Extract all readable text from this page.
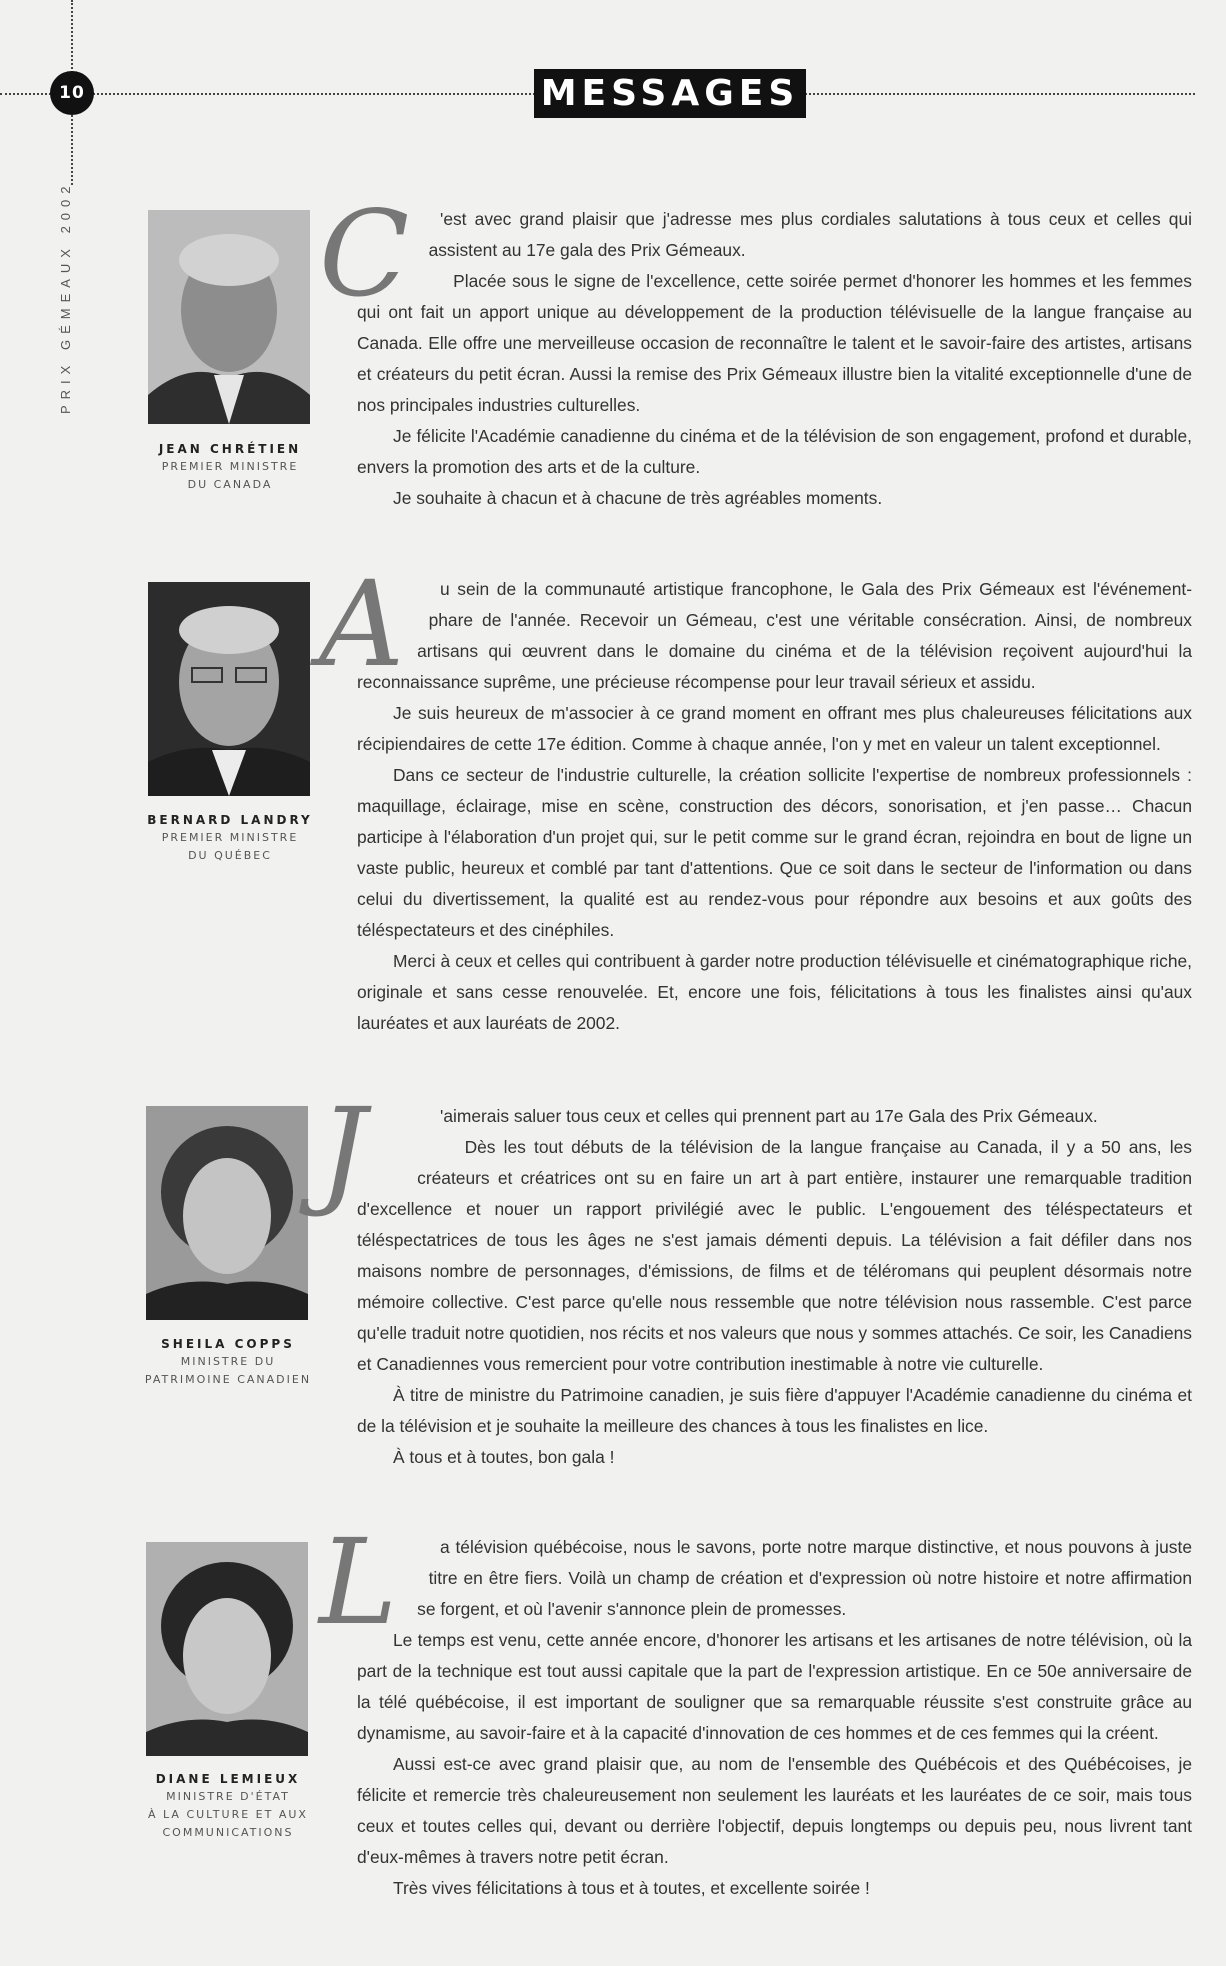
10	MESSAGES
PRIX GÉMEAUX 2002
JEAN CHRÉTIEN
PREMIER MINISTRE
DU CANADA
C	'est avec grand plaisir que j'adresse mes plus cordiales salutations à tous ceux et celles qui assistent au 17e gala des Prix Gémeaux.

Placée sous le signe de l'excellence, cette soirée permet d'honorer les hommes et les femmes qui ont fait un apport unique au développement de la production télévisuelle de la langue française au Canada. Elle offre une merveilleuse occasion de reconnaître le talent et le savoir-faire des artistes, artisans et créateurs du petit écran. Aussi la remise des Prix Gémeaux illustre bien la vitalité exceptionnelle d'une de nos principales industries culturelles.

Je félicite l'Académie canadienne du cinéma et de la télévision de son engagement, profond et durable, envers la promotion des arts et de la culture.

Je souhaite à chacun et à chacune de très agréables moments.

BERNARD LANDRY
PREMIER MINISTRE
DU QUÉBEC
A	u sein de la communauté artistique francophone, le Gala des Prix Gémeaux est l'événement-phare de l'année. Recevoir un Gémeau, c'est une véritable consécration. Ainsi, de nombreux artisans qui œuvrent dans le domaine du cinéma et de la télévision reçoivent aujourd'hui la reconnaissance suprême, une précieuse récompense pour leur travail sérieux et assidu.

Je suis heureux de m'associer à ce grand moment en offrant mes plus chaleureuses félicitations aux récipiendaires de cette 17e édition. Comme à chaque année, l'on y met en valeur un talent exceptionnel.

Dans ce secteur de l'industrie culturelle, la création sollicite l'expertise de nombreux professionnels : maquillage, éclairage, mise en scène, construction des décors, sonorisation, et j'en passe… Chacun participe à l'élaboration d'un projet qui, sur le petit comme sur le grand écran, rejoindra en bout de ligne un vaste public, heureux et comblé par tant d'attentions. Que ce soit dans le secteur de l'information ou dans celui du divertissement, la qualité est au rendez-vous pour répondre aux besoins et aux goûts des téléspectateurs et des cinéphiles.

Merci à ceux et celles qui contribuent à garder notre production télévisuelle et cinématographique riche, originale et sans cesse renouvelée. Et, encore une fois, félicitations à tous les finalistes ainsi qu'aux lauréates et aux lauréats de 2002.

SHEILA COPPS
MINISTRE DU
PATRIMOINE CANADIEN
J	'aimerais saluer tous ceux et celles qui prennent part au 17e Gala des Prix Gémeaux.

Dès les tout débuts de la télévision de la langue française au Canada, il y a 50 ans, les créateurs et créatrices ont su en faire un art à part entière, instaurer une remarquable tradition d'excellence et nouer un rapport privilégié avec le public. L'engouement des téléspectateurs et téléspectatrices de tous les âges ne s'est jamais démenti depuis. La télévision a fait défiler dans nos maisons nombre de personnages, d'émissions, de films et de téléromans qui peuplent désormais notre mémoire collective. C'est parce qu'elle nous ressemble que notre télévision nous rassemble. C'est parce qu'elle traduit notre quotidien, nos récits et nos valeurs que nous y sommes attachés. Ce soir, les Canadiens et Canadiennes vous remercient pour votre contribution inestimable à notre vie culturelle.

À titre de ministre du Patrimoine canadien, je suis fière d'appuyer l'Académie canadienne du cinéma et de la télévision et je souhaite la meilleure des chances à tous les finalistes en lice.

À tous et à toutes, bon gala !

DIANE LEMIEUX
MINISTRE D'ÉTAT
À LA CULTURE ET AUX
COMMUNICATIONS
L	a télévision québécoise, nous le savons, porte notre marque distinctive, et nous pouvons à juste titre en être fiers. Voilà un champ de création et d'expression où notre histoire et notre affirmation se forgent, et où l'avenir s'annonce plein de promesses.

Le temps est venu, cette année encore, d'honorer les artisans et les artisanes de notre télévision, où la part de la technique est tout aussi capitale que la part de l'expression artistique. En ce 50e anniversaire de la télé québécoise, il est important de souligner que sa remarquable réussite s'est construite grâce au dynamisme, au savoir-faire et à la capacité d'innovation de ces hommes et de ces femmes qui la créent.

Aussi est-ce avec grand plaisir que, au nom de l'ensemble des Québécois et des Québécoises, je félicite et remercie très chaleureusement non seulement les lauréats et les lauréates de ce soir, mais tous ceux et toutes celles qui, devant ou derrière l'objectif, depuis longtemps ou depuis peu, nous livrent tant d'eux-mêmes à travers notre petit écran.

Très vives félicitations à tous et à toutes, et excellente soirée !
